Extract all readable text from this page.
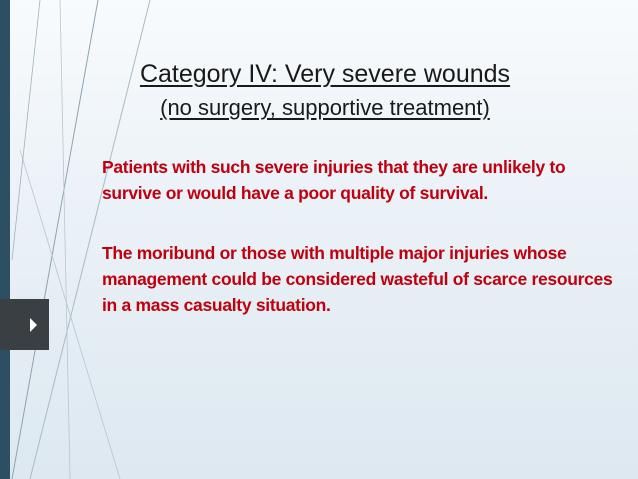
Category IV: Very severe wounds
(no surgery, supportive treatment)
Patients with such severe injuries that they are unlikely to survive or would have a poor quality of survival.
The moribund or those with multiple major injuries whose management could be considered wasteful of scarce resources in a mass casualty situation.
